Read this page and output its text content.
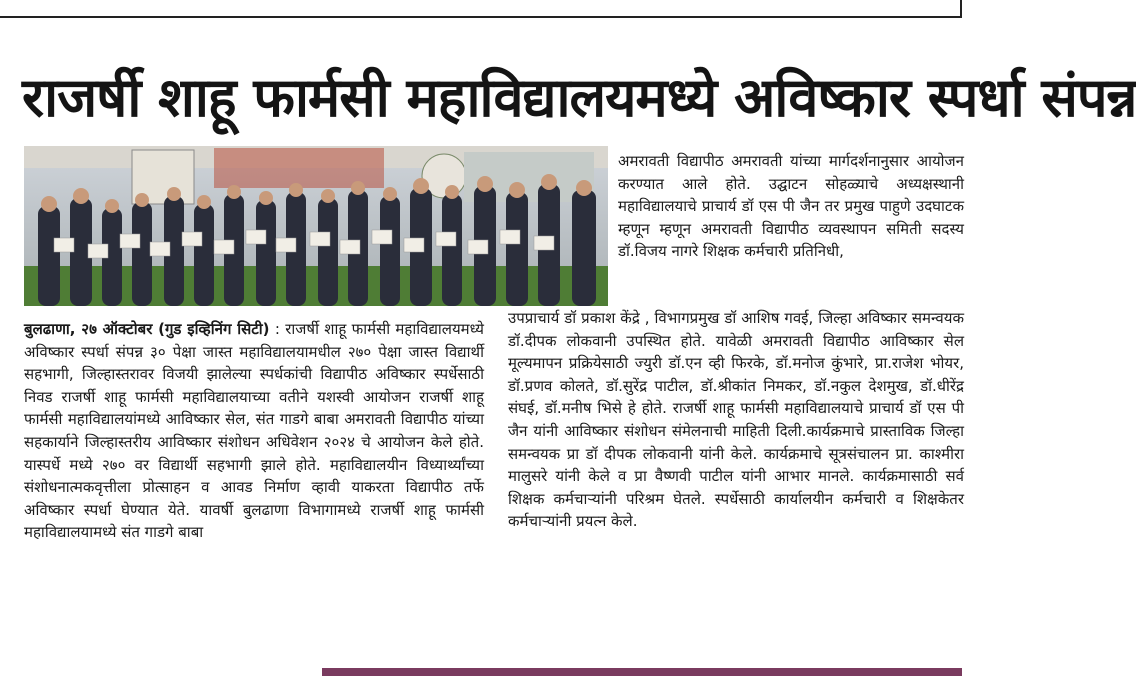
राजर्षी शाहू फार्मसी महाविद्यालयमध्ये अविष्कार स्पर्धा संपन्न

अमरावती विद्यापीठ अमरावती यांच्या मार्गदर्शनानुसार आयोजन करण्यात आले होते. उद्घाटन सोहळ्याचे अध्यक्षस्थानी महाविद्यालयाचे प्राचार्य डॉ एस पी जैन तर प्रमुख पाहुणे उदघाटक म्हणून म्हणून अमरावती विद्यापीठ व्यवस्थापन समिती सदस्य डॉ.विजय नागरे शिक्षक कर्मचारी प्रतिनिधी,

उपप्राचार्य डॉ प्रकाश केंद्रे , विभागप्रमुख डॉ आशिष गवई, जिल्हा अविष्कार समन्वयक डॉ.दीपक लोकवानी उपस्थित होते. यावेळी अमरावती विद्यापीठ आविष्कार सेल मूल्यमापन प्रक्रियेसाठी ज्युरी डॉ.एन व्ही फिरके, डॉ.मनोज कुंभारे, प्रा.राजेश भोयर, डॉ.प्रणव कोलते, डॉ.सुरेंद्र पाटील, डॉ.श्रीकांत निमकर, डॉ.नकुल देशमुख, डॉ.धीरेंद्र संघई, डॉ.मनीष भिसे हे होते. राजर्षी शाहू फार्मसी महाविद्यालयाचे प्राचार्य डॉ एस पी जैन यांनी आविष्कार संशोधन संमेलनाची माहिती दिली.कार्यक्रमाचे प्रास्ताविक जिल्हा समन्वयक प्रा डॉ दीपक लोकवानी यांनी केले. कार्यक्रमाचे सूत्रसंचालन प्रा. काश्मीरा मालुसरे यांनी केले व प्रा वैष्णवी पाटील यांनी आभार मानले. कार्यक्रमासाठी सर्व शिक्षक कर्मचाऱ्यांनी परिश्रम घेतले. स्पर्धेसाठी कार्यालयीन कर्मचारी व शिक्षकेतर कर्मचाऱ्यांनी प्रयत्न केले.

बुलढाणा, २७ ऑक्टोबर (गुड इव्हिनिंग सिटी) : राजर्षी शाहू फार्मसी महाविद्यालयमध्ये अविष्कार स्पर्धा संपन्न ३० पेक्षा जास्त महाविद्यालयामधील २७० पेक्षा जास्त विद्यार्थी सहभागी, जिल्हास्तरावर विजयी झालेल्या स्पर्धकांची विद्यापीठ अविष्कार स्पर्धेसाठी निवड राजर्षी शाहू फार्मसी महाविद्यालयाच्या वतीने यशस्वी आयोजन राजर्षी शाहू फार्मसी महाविद्यालयांमध्ये आविष्कार सेल, संत गाडगे बाबा अमरावती विद्यापीठ यांच्या सहकार्याने जिल्हास्तरीय आविष्कार संशोधन अधिवेशन २०२४ चे आयोजन केले होते. यास्पर्धे मध्ये २७० वर विद्यार्थी सहभागी झाले होते. महाविद्यालयीन विध्यार्थ्यांच्या संशोधनात्मकवृत्तीला प्रोत्साहन व आवड निर्माण व्हावी याकरता विद्यापीठ तर्फे अविष्कार स्पर्धा घेण्यात येते. यावर्षी बुलढाणा विभागामध्ये राजर्षी शाहू फार्मसी महाविद्यालयामध्ये संत गाडगे बाबा
